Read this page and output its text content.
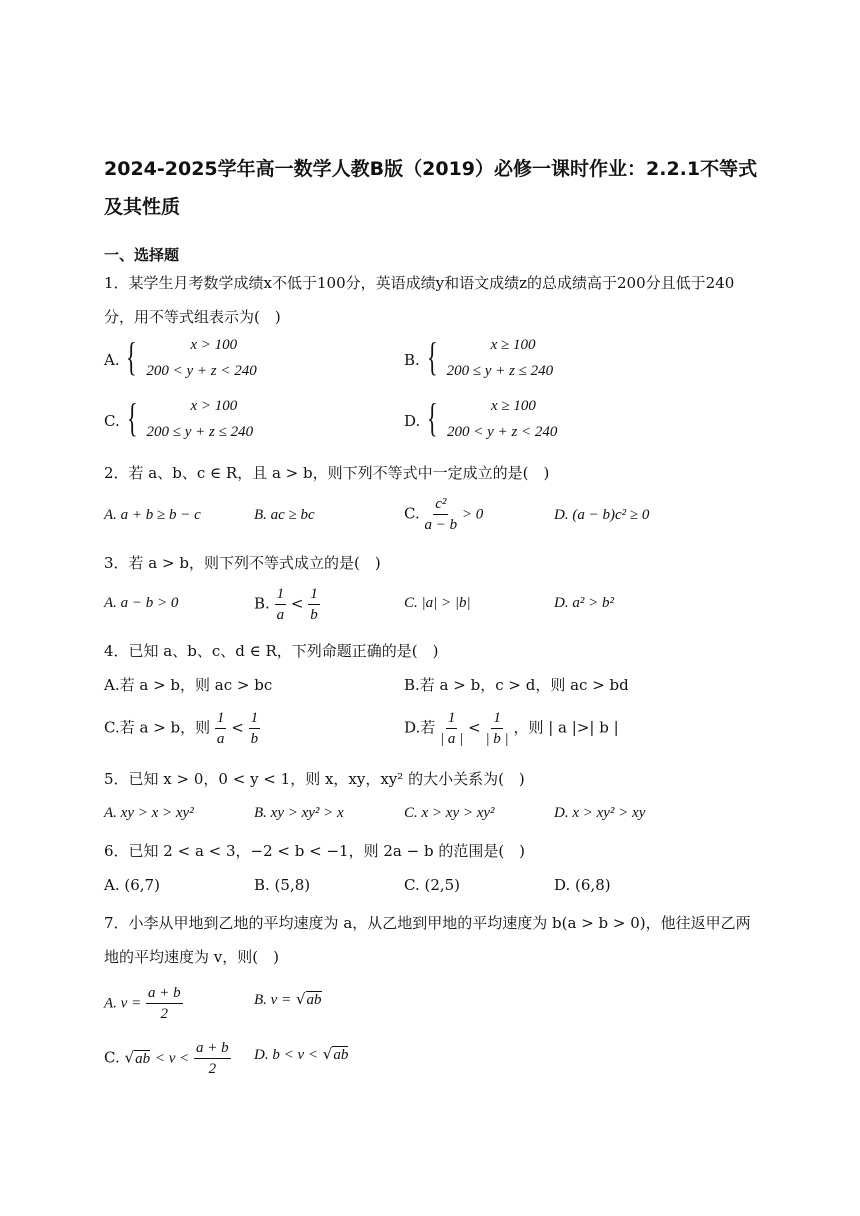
2024-2025学年高一数学人教B版（2019）必修一课时作业：2.2.1不等式及其性质
一、选择题
1．某学生月考数学成绩x不低于100分，英语成绩y和语文成绩z的总成绩高于200分且低于240分，用不等式组表示为(　)
A. {	x > 100
200 < y + z < 240
B. {	x ≥ 100
200 ≤ y + z ≤ 240
C. {	x > 100
200 ≤ y + z ≤ 240
D. {	x ≥ 100
200 < y + z < 240
2．若 a、b、c ∈ R，且 a > b，则下列不等式中一定成立的是(　)
A. a + b ≥ b − c	B. ac ≥ bc	C. $\frac{\text{c²}}{a - b} > 0$	D. (a − b)c² ≥ 0
3．若 a > b，则下列不等式成立的是(　)
A. a − b > 0	B. $\frac{1}{a} < \frac{1}{b}$	C. |a| > |b|	D. a² > b²
4．已知 a、b、c、d ∈ R，下列命题正确的是(　)
A.若 a > b，则 ac > bc	B.若 a > b，c > d，则 ac > bd
C.若 a > b，则 $\frac{1}{a} < \frac{1}{b}$	D.若 $\frac{1}{| a |} < \frac{1}{| b |}$ ，则 | a |>| b |
5．已知 x > 0，0 < y < 1，则 x，xy，xy² 的大小关系为(　)
A. xy > x > xy²	B. xy > xy² > x	C. x > xy > xy²	D. x > xy² > xy
6．已知 2 < a < 3，−2 < b < −1，则 2a − b 的范围是(　)
A. (6,7)	B. (5,8)	C. (2,5)	D. (6,8)
7．小李从甲地到乙地的平均速度为 a，从乙地到甲地的平均速度为 b(a > b > 0)，他往返甲乙两地的平均速度为 v，则(　)
A. $v = \frac{a + b}{2}$	B. v = √ab
C. $√ab < v < \frac{a + b}{2} D$. b < v < √ab
